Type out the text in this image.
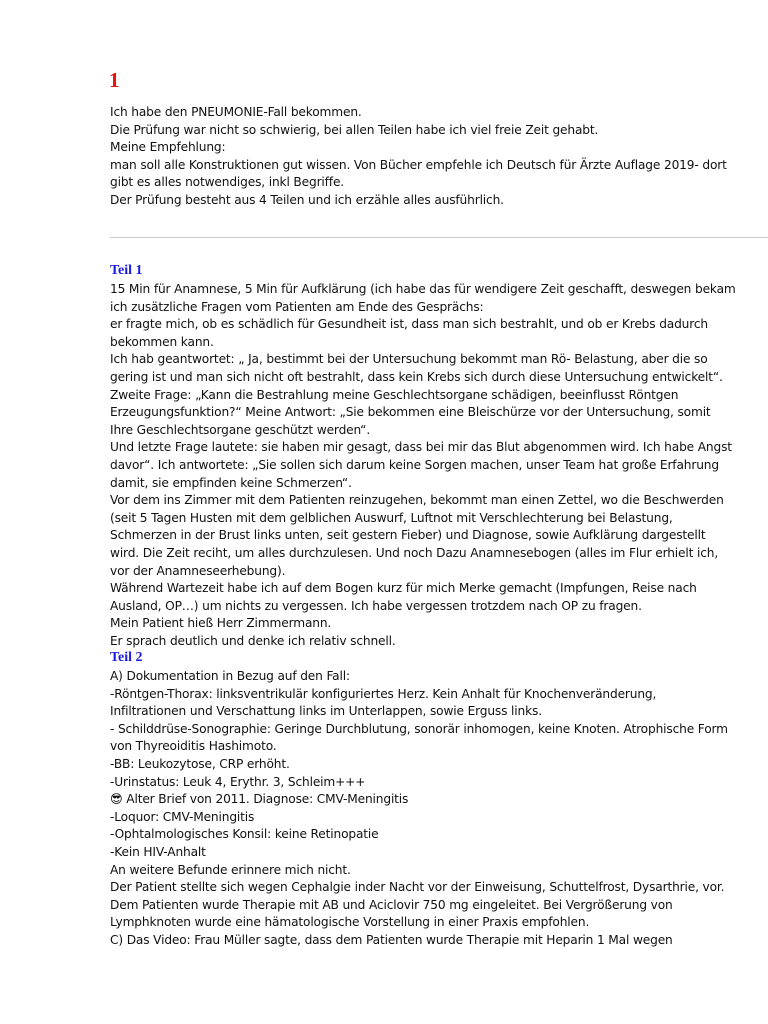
1

Ich habe den PNEUMONIE-Fall bekommen.

Die Prüfung war nicht so schwierig, bei allen Teilen habe ich viel freie Zeit gehabt.

Meine Empfehlung:

man soll alle Konstruktionen gut wissen. Von Bücher empfehle ich Deutsch für Ärzte Auflage 2019- dort

gibt es alles notwendiges, inkl Begriffe.

Der Prüfung besteht aus 4 Teilen und ich erzähle alles ausführlich.

Teil 1

15 Min für Anamnese, 5 Min für Aufklärung (ich habe das für wendigere Zeit geschafft, deswegen bekam

ich zusätzliche Fragen vom Patienten am Ende des Gesprächs:

er fragte mich, ob es schädlich für Gesundheit ist, dass man sich bestrahlt, und ob er Krebs dadurch

bekommen kann.

Ich hab geantwortet: „ Ja, bestimmt bei der Untersuchung bekommt man Rö- Belastung, aber die so

gering ist und man sich nicht oft bestrahlt, dass kein Krebs sich durch diese Untersuchung entwickelt“.

Zweite Frage: „Kann die Bestrahlung meine Geschlechtsorgane schädigen, beeinflusst Röntgen

Erzeugungsfunktion?“ Meine Antwort: „Sie bekommen eine Bleischürze vor der Untersuchung, somit

Ihre Geschlechtsorgane geschützt werden“.

Und letzte Frage lautete: sie haben mir gesagt, dass bei mir das Blut abgenommen wird. Ich habe Angst

davor“. Ich antwortete: „Sie sollen sich darum keine Sorgen machen, unser Team hat große Erfahrung

damit, sie empfinden keine Schmerzen“.

Vor dem ins Zimmer mit dem Patienten reinzugehen, bekommt man einen Zettel, wo die Beschwerden

(seit 5 Tagen Husten mit dem gelblichen Auswurf, Luftnot mit Verschlechterung bei Belastung,

Schmerzen in der Brust links unten, seit gestern Fieber) und Diagnose, sowie Aufklärung dargestellt

wird. Die Zeit reciht, um alles durchzulesen. Und noch Dazu Anamnesebogen (alles im Flur erhielt ich,

vor der Anamneseerhebung).

Während Wartezeit habe ich auf dem Bogen kurz für mich Merke gemacht (Impfungen, Reise nach

Ausland, OP…) um nichts zu vergessen. Ich habe vergessen trotzdem nach OP zu fragen.

Mein Patient hieß Herr Zimmermann.

Er sprach deutlich und denke ich relativ schnell.

Teil 2

A) Dokumentation in Bezug auf den Fall:

-Röntgen-Thorax: linksventrikulär konfiguriertes Herz. Kein Anhalt für Knochenveränderung,

Infiltrationen und Verschattung links im Unterlappen, sowie Erguss links.

- Schilddrüse-Sonographie: Geringe Durchblutung, sonorär inhomogen, keine Knoten. Atrophische Form

von Thyreoiditis Hashimoto.

-BB: Leukozytose, CRP erhöht.

-Urinstatus: Leuk 4, Erythr. 3, Schleim+++

😎 Alter Brief von 2011. Diagnose: CMV-Meningitis

-Loquor: CMV-Meningitis

-Ophtalmologisches Konsil: keine Retinopatie

-Kein HIV-Anhalt

An weitere Befunde erinnere mich nicht.

Der Patient stellte sich wegen Cephalgie inder Nacht vor der Einweisung, Schuttelfrost, Dysarthrie, vor.

Dem Patienten wurde Therapie mit AB und Aciclovir 750 mg eingeleitet. Bei Vergrößerung von

Lymphknoten wurde eine hämatologische Vorstellung in einer Praxis empfohlen.

C) Das Video: Frau Müller sagte, dass dem Patienten wurde Therapie mit Heparin 1 Mal wegen
